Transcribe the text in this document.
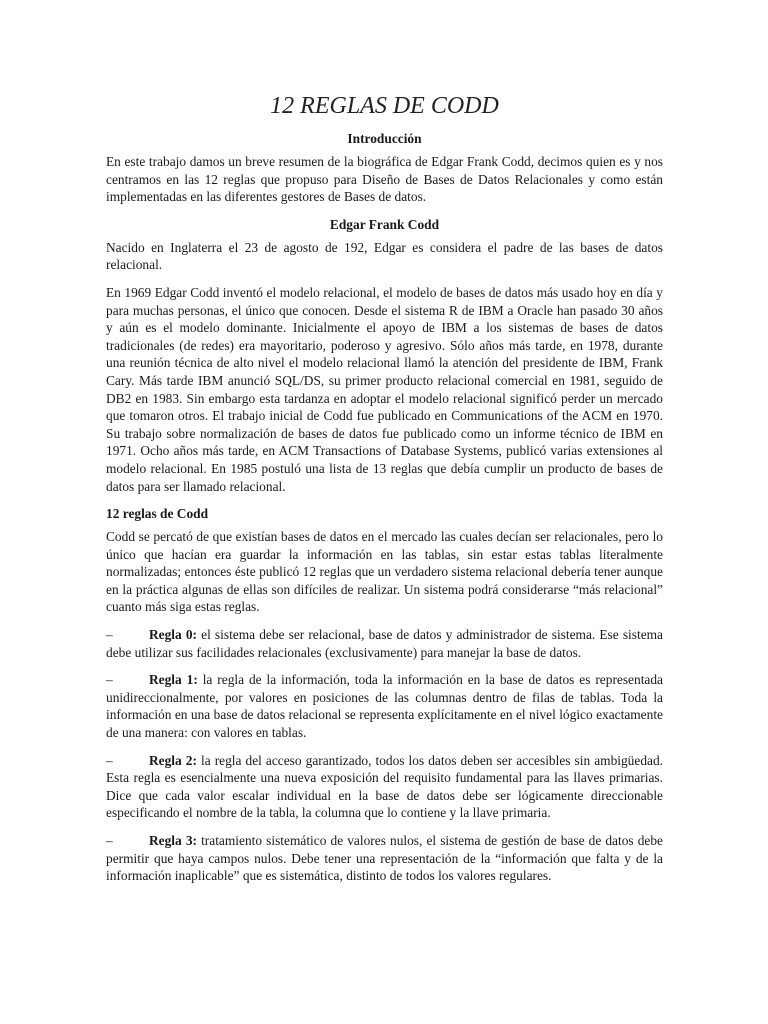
12 REGLAS DE CODD
Introducción

En este trabajo damos un breve resumen de la biográfica de Edgar Frank Codd, decimos quien es y nos centramos en las 12 reglas que propuso para Diseño de Bases de Datos Relacionales y como están implementadas en las diferentes gestores de Bases de datos.

Edgar Frank Codd

Nacido en Inglaterra el 23 de agosto de 192, Edgar es considera el padre de las bases de datos relacional.

En 1969 Edgar Codd inventó el modelo relacional, el modelo de bases de datos más usado hoy en día y para muchas personas, el único que conocen. Desde el sistema R de IBM a Oracle han pasado 30 años y aún es el modelo dominante. Inicialmente el apoyo de IBM a los sistemas de bases de datos tradicionales (de redes) era mayoritario, poderoso y agresivo. Sólo años más tarde, en 1978, durante una reunión técnica de alto nivel el modelo relacional llamó la atención del presidente de IBM, Frank Cary. Más tarde IBM anunció SQL/DS, su primer producto relacional comercial en 1981, seguido de DB2 en 1983. Sin embargo esta tardanza en adoptar el modelo relacional significó perder un mercado que tomaron otros. El trabajo inicial de Codd fue publicado en Communications of the ACM en 1970. Su trabajo sobre normalización de bases de datos fue publicado como un informe técnico de IBM en 1971. Ocho años más tarde, en ACM Transactions of Database Systems, publicó varias extensiones al modelo relacional. En 1985 postuló una lista de 13 reglas que debía cumplir un producto de bases de datos para ser llamado relacional.

12 reglas de Codd

Codd se percató de que existían bases de datos en el mercado las cuales decían ser relacionales, pero lo único que hacían era guardar la información en las tablas, sin estar estas tablas literalmente normalizadas; entonces éste publicó 12 reglas que un verdadero sistema relacional debería tener aunque en la práctica algunas de ellas son difíciles de realizar. Un sistema podrá considerarse “más relacional” cuanto más siga estas reglas.

–	Regla 0: el sistema debe ser relacional, base de datos y administrador de sistema. Ese sistema debe utilizar sus facilidades relacionales (exclusivamente) para manejar la base de datos.

–	Regla 1: la regla de la información, toda la información en la base de datos es representada unidireccionalmente, por valores en posiciones de las columnas dentro de filas de tablas. Toda la información en una base de datos relacional se representa explícitamente en el nivel lógico exactamente de una manera: con valores en tablas.

–	Regla 2: la regla del acceso garantizado, todos los datos deben ser accesibles sin ambigüedad. Esta regla es esencialmente una nueva exposición del requisito fundamental para las llaves primarias. Dice que cada valor escalar individual en la base de datos debe ser lógicamente direccionable especificando el nombre de la tabla, la columna que lo contiene y la llave primaria.

–	Regla 3: tratamiento sistemático de valores nulos, el sistema de gestión de base de datos debe permitir que haya campos nulos. Debe tener una representación de la “información que falta y de la información inaplicable” que es sistemática, distinto de todos los valores regulares.
